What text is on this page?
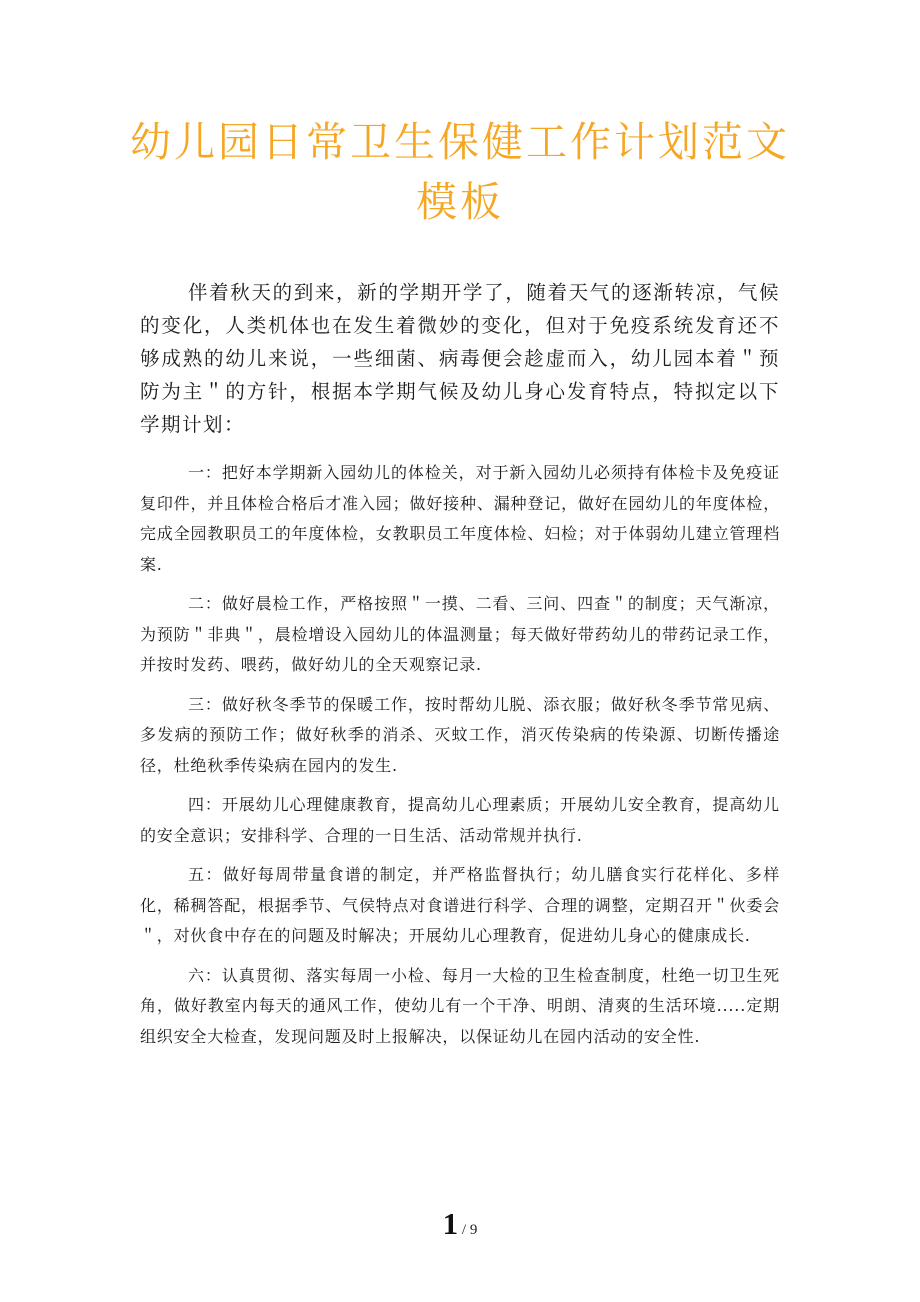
幼儿园日常卫生保健工作计划范文
模板

伴着秋天的到来，新的学期开学了，随着天气的逐渐转凉，气候的变化，人类机体也在发生着微妙的变化，但对于免疫系统发育还不够成熟的幼儿来说，一些细菌、病毒便会趁虚而入，幼儿园本着＂预防为主＂的方针，根据本学期气候及幼儿身心发育特点，特拟定以下学期计划：

一：把好本学期新入园幼儿的体检关，对于新入园幼儿必须持有体检卡及免疫证复印件，并且体检合格后才准入园；做好接种、漏种登记，做好在园幼儿的年度体检，完成全园教职员工的年度体检，女教职员工年度体检、妇检；对于体弱幼儿建立管理档案.

二：做好晨检工作，严格按照＂一摸、二看、三问、四查＂的制度；天气渐凉，为预防＂非典＂，晨检增设入园幼儿的体温测量；每天做好带药幼儿的带药记录工作，并按时发药、喂药，做好幼儿的全天观察记录.

三：做好秋冬季节的保暖工作，按时帮幼儿脱、添衣服；做好秋冬季节常见病、多发病的预防工作；做好秋季的消杀、灭蚊工作，消灭传染病的传染源、切断传播途径，杜绝秋季传染病在园内的发生.

四：开展幼儿心理健康教育，提高幼儿心理素质；开展幼儿安全教育，提高幼儿的安全意识；安排科学、合理的一日生活、活动常规并执行.

五：做好每周带量食谱的制定，并严格监督执行；幼儿膳食实行花样化、多样化，稀稠答配，根据季节、气侯特点对食谱进行科学、合理的调整，定期召开＂伙委会＂，对伙食中存在的问题及时解决；开展幼儿心理教育，促进幼儿身心的健康成长.

六：认真贯彻、落实每周一小检、每月一大检的卫生检查制度，杜绝一切卫生死角，做好教室内每天的通风工作，使幼儿有一个干净、明朗、清爽的生活环境.....定期组织安全大检查，发现问题及时上报解决，以保证幼儿在园内活动的安全性.

1 / 9
